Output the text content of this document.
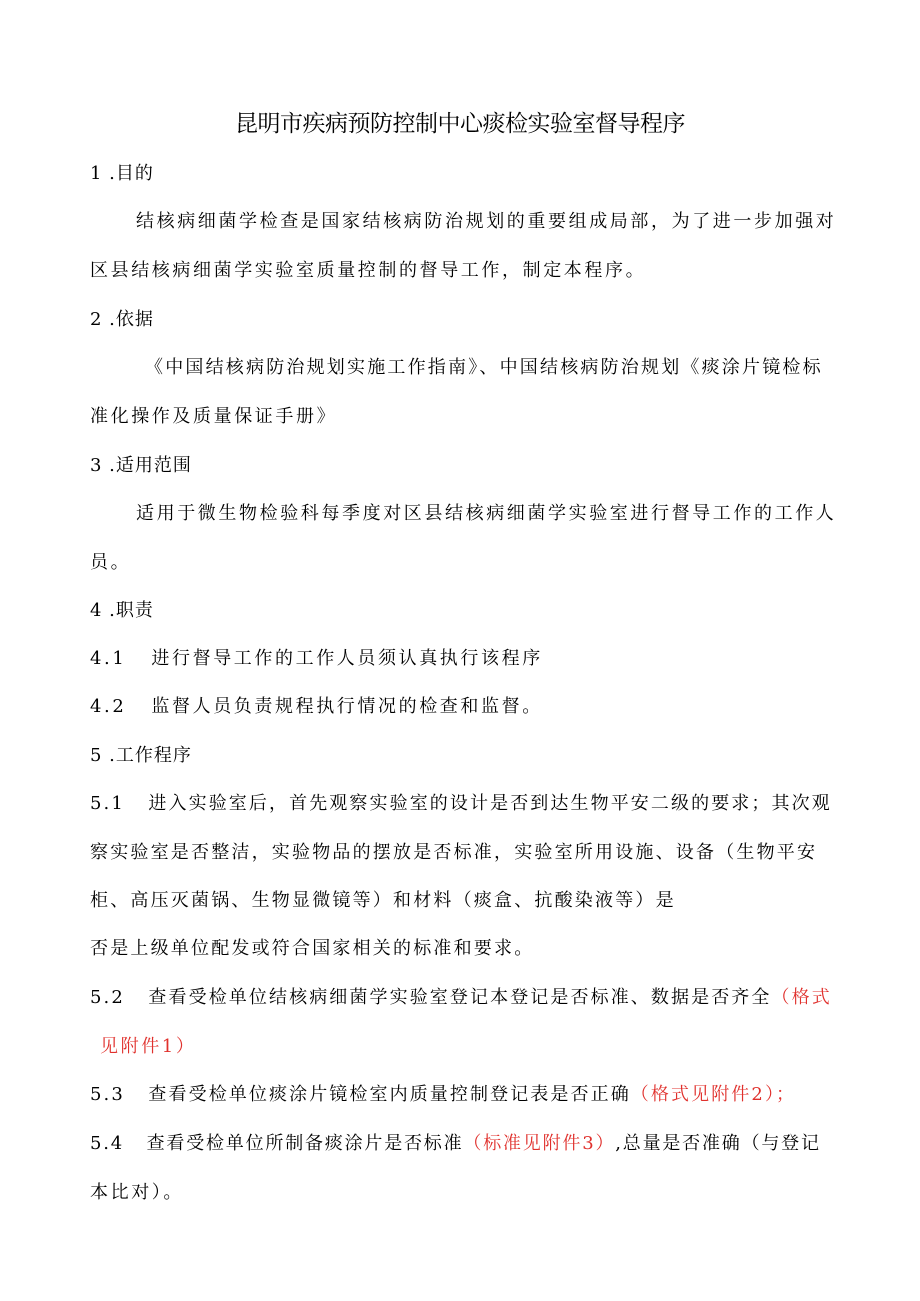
昆明市疾病预防控制中心痰检实验室督导程序
1 .目的
结核病细菌学检查是国家结核病防治规划的重要组成局部，为了进一步加强对
区县结核病细菌学实验室质量控制的督导工作，制定本程序。
2 .依据
《中国结核病防治规划实施工作指南》、中国结核病防治规划《痰涂片镜检标
准化操作及质量保证手册》
3 .适用范围
适用于微生物检验科每季度对区县结核病细菌学实验室进行督导工作的工作人
员。
4 .职责
4.1   进行督导工作的工作人员须认真执行该程序
4.2   监督人员负责规程执行情况的检查和监督。
5 .工作程序
5.1   进入实验室后，首先观察实验室的设计是否到达生物平安二级的要求；其次观
察实验室是否整洁，实验物品的摆放是否标准，实验室所用设施、设备（生物平安
柜、高压灭菌锅、生物显微镜等）和材料（痰盒、抗酸染液等）是
否是上级单位配发或符合国家相关的标准和要求。
5.2   查看受检单位结核病细菌学实验室登记本登记是否标准、数据是否齐全（格式
见附件1）
5.3   查看受检单位痰涂片镜检室内质量控制登记表是否正确（格式见附件2）；
5.4   查看受检单位所制备痰涂片是否标准（标准见附件3）,总量是否准确（与登记
本比对）。
